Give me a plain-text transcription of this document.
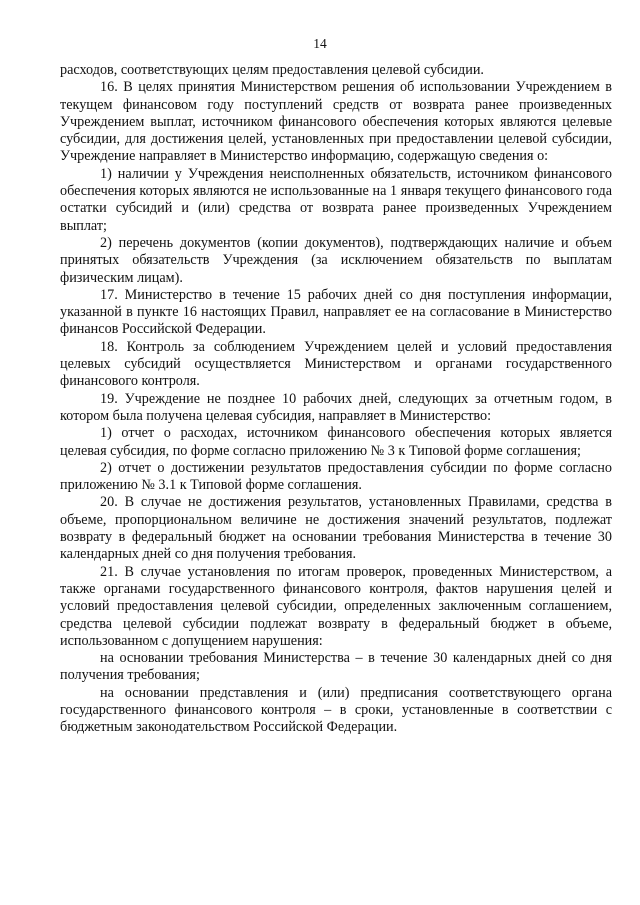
14

расходов, соответствующих целям предоставления целевой субсидии.

16. В целях принятия Министерством решения об использовании Учреждением в текущем финансовом году поступлений средств от возврата ранее произведенных Учреждением выплат, источником финансового обеспечения которых являются целевые субсидии, для достижения целей, установленных при предоставлении целевой субсидии, Учреждение направляет в Министерство информацию, содержащую сведения о:

1) наличии у Учреждения неисполненных обязательств, источником финансового обеспечения которых являются не использованные на 1 января текущего финансового года остатки субсидий и (или) средства от возврата ранее произведенных Учреждением выплат;

2) перечень документов (копии документов), подтверждающих наличие и объем принятых обязательств Учреждения (за исключением обязательств по выплатам физическим лицам).

17. Министерство в течение 15 рабочих дней со дня поступления информации, указанной в пункте 16 настоящих Правил, направляет ее на согласование в Министерство финансов Российской Федерации.

18. Контроль за соблюдением Учреждением целей и условий предоставления целевых субсидий осуществляется Министерством и органами государственного финансового контроля.

19. Учреждение не позднее 10 рабочих дней, следующих за отчетным годом, в котором была получена целевая субсидия, направляет в Министерство:

1) отчет о расходах, источником финансового обеспечения которых является целевая субсидия, по форме согласно приложению № 3 к Типовой форме соглашения;

2) отчет о достижении результатов предоставления субсидии по форме согласно приложению № 3.1 к Типовой форме соглашения.

20. В случае не достижения результатов, установленных Правилами, средства в объеме, пропорциональном величине не достижения значений результатов, подлежат возврату в федеральный бюджет на основании требования Министерства в течение 30 календарных дней со дня получения требования.

21. В случае установления по итогам проверок, проведенных Министерством, а также органами государственного финансового контроля, фактов нарушения целей и условий предоставления целевой субсидии, определенных заключенным соглашением, средства целевой субсидии подлежат возврату в федеральный бюджет в объеме, использованном с допущением нарушения:

на основании требования Министерства – в течение 30 календарных дней со дня получения требования;

на основании представления и (или) предписания соответствующего органа государственного финансового контроля – в сроки, установленные в соответствии с бюджетным законодательством Российской Федерации.
